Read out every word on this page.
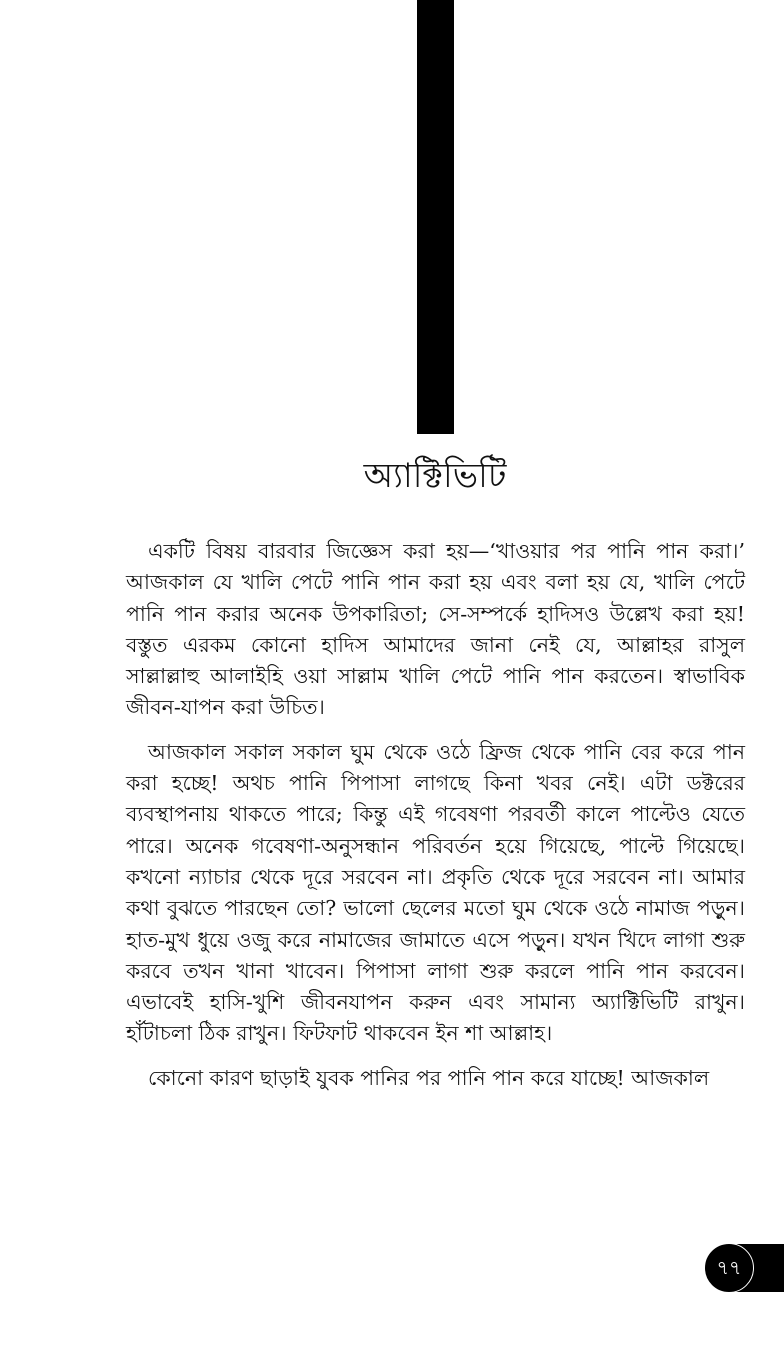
অ্যাক্টিভিটি

একটি বিষয় বারবার জিজ্ঞেস করা হয়—‘খাওয়ার পর পানি পান করা।’ আজকাল যে খালি পেটে পানি পান করা হয় এবং বলা হয় যে, খালি পেটে পানি পান করার অনেক উপকারিতা; সে-সম্পর্কে হাদিসও উল্লেখ করা হয়! বস্তুত এরকম কোনো হাদিস আমাদের জানা নেই যে, আল্লাহর রাসুল সাল্লাল্লাহু আলাইহি ওয়া সাল্লাম খালি পেটে পানি পান করতেন। স্বাভাবিক জীবন-যাপন করা উচিত।

আজকাল সকাল সকাল ঘুম থেকে ওঠে ফ্রিজ থেকে পানি বের করে পান করা হচ্ছে! অথচ পানি পিপাসা লাগছে কিনা খবর নেই। এটা ডক্টরের ব্যবস্থাপনায় থাকতে পারে; কিন্তু এই গবেষণা পরবর্তী কালে পাল্টেও যেতে পারে। অনেক গবেষণা-অনুসন্ধান পরিবর্তন হয়ে গিয়েছে, পাল্টে গিয়েছে। কখনো ন্যাচার থেকে দূরে সরবেন না। প্রকৃতি থেকে দূরে সরবেন না। আমার কথা বুঝতে পারছেন তো? ভালো ছেলের মতো ঘুম থেকে ওঠে নামাজ পড়ুন। হাত-মুখ ধুয়ে ওজু করে নামাজের জামাতে এসে পড়ুন। যখন খিদে লাগা শুরু করবে তখন খানা খাবেন। পিপাসা লাগা শুরু করলে পানি পান করবেন। এভাবেই হাসি-খুশি জীবনযাপন করুন এবং সামান্য অ্যাক্টিভিটি রাখুন। হাঁটাচলা ঠিক রাখুন। ফিটফাট থাকবেন ইন শা আল্লাহ।

কোনো কারণ ছাড়াই যুবক পানির পর পানি পান করে যাচ্ছে! আজকাল

৭৭
